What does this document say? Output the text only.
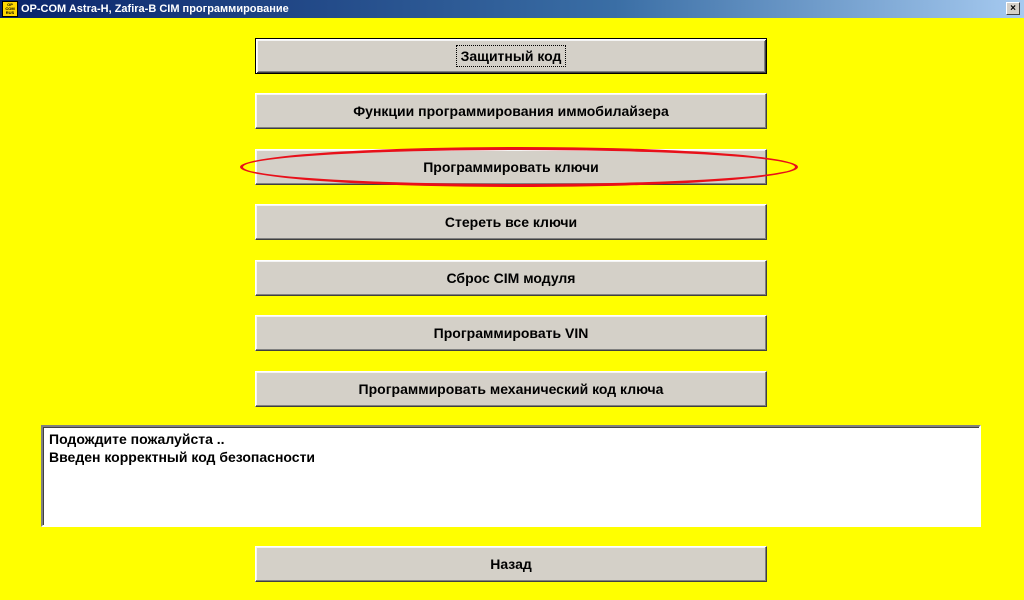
OP COM RUS OP-COM Astra-H, Zafira-B CIM программирование	×
Защитный код
Функции программирования иммобилайзера
Программировать ключи
Стереть все ключи
Сброс CIM модуля
Программировать VIN
Программировать механический код ключа
Подождите пожалуйста ..
Введен корректный код безопасности
Назад
